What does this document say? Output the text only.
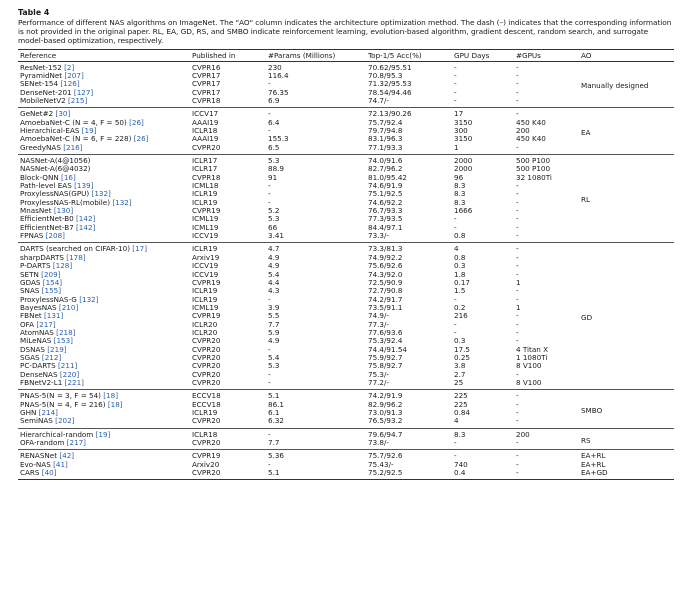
Table 4
Performance of different NAS algorithms on ImageNet. The "AO" column indicates the architecture optimization method. The dash (–) indicates that the corresponding information is not provided in the original paper. RL, EA, GD, RS, and SMBO indicate reinforcement learning, evolution-based algorithm, gradient descent, random search, and surrogate model-based optimization, respectively.
Reference	Published in	#Params (Millions)	Top-1/5 Acc(%)	GPU Days	#GPUs	AO
ResNet-152 [2]	CVPR16	230	70.62/95.51	-	-	Manually designed
PyramidNet [207]	CVPR17	116.4	70.8/95.3	-	-	
SENet-154 [126]	CVPR17	-	71.32/95.53	-	-	
DenseNet-201 [127]	CVPR17	76.35	78.54/94.46	-	-	
MobileNetV2 [215]	CVPR18	6.9	74.7/-	-	-	
GeNet#2 [30]	ICCV17	-	72.13/90.26	17	-	EA
AmoebaNet-C (N = 4, F = 50) [26]	AAAI19	6.4	75.7/92.4	3150	450 K40	
Hierarchical-EAS [19]	ICLR18	-	79.7/94.8	300	200	
AmoebaNet-C (N = 6, F = 228) [26]	AAAI19	155.3	83.1/96.3	3150	450 K40	
GreedyNAS [216]	CVPR20	6.5	77.1/93.3	1	-	
NASNet-A(4@1056)	ICLR17	5.3	74.0/91.6	2000	500 P100	RL
NASNet-A(6@4032)	ICLR17	88.9	82.7/96.2	2000	500 P100	
Block-QNN [16]	CVPR18	91	81.0/95.42	96	32 1080Ti	
Path-level EAS [139]	ICML18	-	74.6/91.9	8.3	-	
ProxylessNAS(GPU) [132]	ICLR19	-	75.1/92.5	8.3	-	
ProxylessNAS-RL(mobile) [132]	ICLR19	-	74.6/92.2	8.3	-	
MnasNet [130]	CVPR19	5.2	76.7/93.3	1666	-	
EfficientNet-B0 [142]	ICML19	5.3	77.3/93.5	-	-	
EfficientNet-B7 [142]	ICML19	66	84.4/97.1	-	-	
FPNAS [208]	ICCV19	3.41	73.3/-	0.8	-	
DARTS (searched on CIFAR-10) [17]	ICLR19	4.7	73.3/81.3	4	-	GD
sharpDARTS [178]	Arxiv19	4.9	74.9/92.2	0.8	-	
P-DARTS [128]	ICCV19	4.9	75.6/92.6	0.3	-	
SETN [209]	ICCV19	5.4	74.3/92.0	1.8	-	
GDAS [154]	CVPR19	4.4	72.5/90.9	0.17	1	
SNAS [155]	ICLR19	4.3	72.7/90.8	1.5	-	
ProxylessNAS-G [132]	ICLR19	-	74.2/91.7	-	-	
BayesNAS [210]	ICML19	3.9	73.5/91.1	0.2	1	
FBNet [131]	CVPR19	5.5	74.9/-	216	-	
OFA [217]	ICLR20	7.7	77.3/-	-	-	
AtomNAS [218]	ICLR20	5.9	77.6/93.6	-	-	
MiLeNAS [153]	CVPR20	4.9	75.3/92.4	0.3	-	
DSNAS [219]	CVPR20	-	74.4/91.54	17.5	4 Titan X	
SGAS [212]	CVPR20	5.4	75.9/92.7	0.25	1 1080Ti	
PC-DARTS [211]	CVPR20	5.3	75.8/92.7	3.8	8 V100	
DenseNAS [220]	CVPR20	-	75.3/-	2.7	-	
FBNetV2-L1 [221]	CVPR20	-	77.2/-	25	8 V100	
PNAS-5(N = 3, F = 54) [18]	ECCV18	5.1	74.2/91.9	225	-	SMBO
PNAS-5(N = 4, F = 216) [18]	ECCV18	86.1	82.9/96.2	225	-	
GHN [214]	ICLR19	6.1	73.0/91.3	0.84	-	
SemiNAS [202]	CVPR20	6.32	76.5/93.2	4	-	
Hierarchical-random [19]	ICLR18	-	79.6/94.7	8.3	200	RS
OFA-random [217]	CVPR20	7.7	73.8/-	-	-	
RENASNet [42]	CVPR19	5.36	75.7/92.6	-	-	EA+RL
Evo-NAS [41]	Arxiv20	-	75.43/-	740	-	EA+RL
CARS [40]	CVPR20	5.1	75.2/92.5	0.4	-	EA+GD
